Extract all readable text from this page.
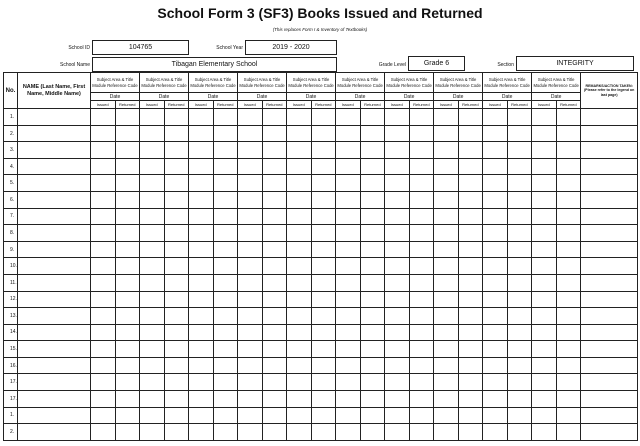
School Form 3 (SF3) Books Issued and Returned
(This replaces Form I & Inventory of Textbooks)
School ID	104765	School Year	2019 - 2020
School Name	Tibagan Elementary School	Grade Level	Grade 6	Section	INTEGRITY
No.	NAME (Last Name, First Name, Middle Name)	Subject Area & Title Module Reference Code		Subject Area & Title Module Reference Code		Subject Area & Title Module Reference Code		Subject Area & Title Module Reference Code		Subject Area & Title Module Reference Code		Subject Area & Title Module Reference Code		Subject Area & Title Module Reference Code		Subject Area & Title Module Reference Code		Subject Area & Title Module Reference Code		Subject Area & Title Module Reference Code		REMARKS/ACTION TAKEN: (Please refer to the legend on last page)
		Date		Date		Date		Date		Date		Date		Date		Date		Date		Date		
		Issued	Returned	Issued	Returned	Issued	Returned	Issued	Returned	Issued	Returned	Issued	Returned	Issued	Returned	Issued	Returned	Issued	Returned	Issued	Returned	
1.																						
2.																						
3.																						
4.																						
5.																						
6.																						
7.																						
8.																						
9.																						
10.																						
11.																						
12.																						
13.																						
14.																						
15.																						
16.																						
17.																						
17.																						
1.																						
2.																						
